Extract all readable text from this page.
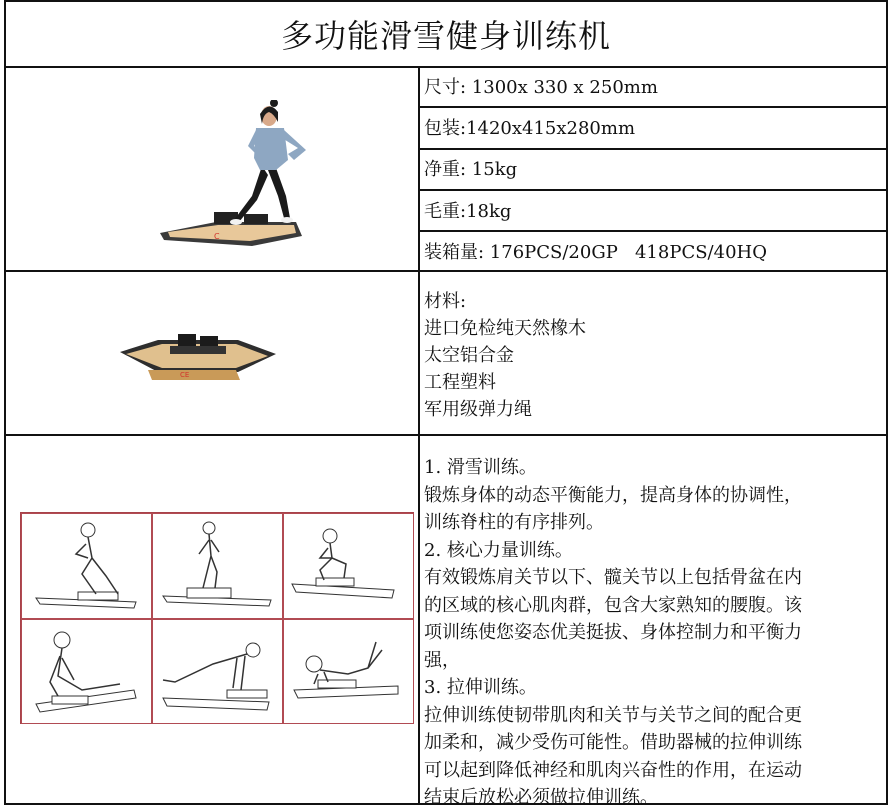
多功能滑雪健身训练机
尺寸: 1300x 330 x 250mm
包装:1420x415x280mm
净重: 15kg
毛重:18kg
装箱量: 176PCS/20GP   418PCS/40HQ
材料:
进口免检纯天然橡木
太空铝合金
工程塑料
军用级弹力绳

1. 滑雪训练。

锻炼身体的动态平衡能力，提高身体的协调性，

训练脊柱的有序排列。

2. 核心力量训练。

有效锻炼肩关节以下、髋关节以上包括骨盆在内

的区域的核心肌肉群，包含大家熟知的腰腹。该

项训练使您姿态优美挺拔、身体控制力和平衡力

强，

3. 拉伸训练。

拉伸训练使韧带肌肉和关节与关节之间的配合更

加柔和，减少受伤可能性。借助器械的拉伸训练

可以起到降低神经和肌肉兴奋性的作用，在运动

结束后放松必须做拉伸训练。

C
CE
